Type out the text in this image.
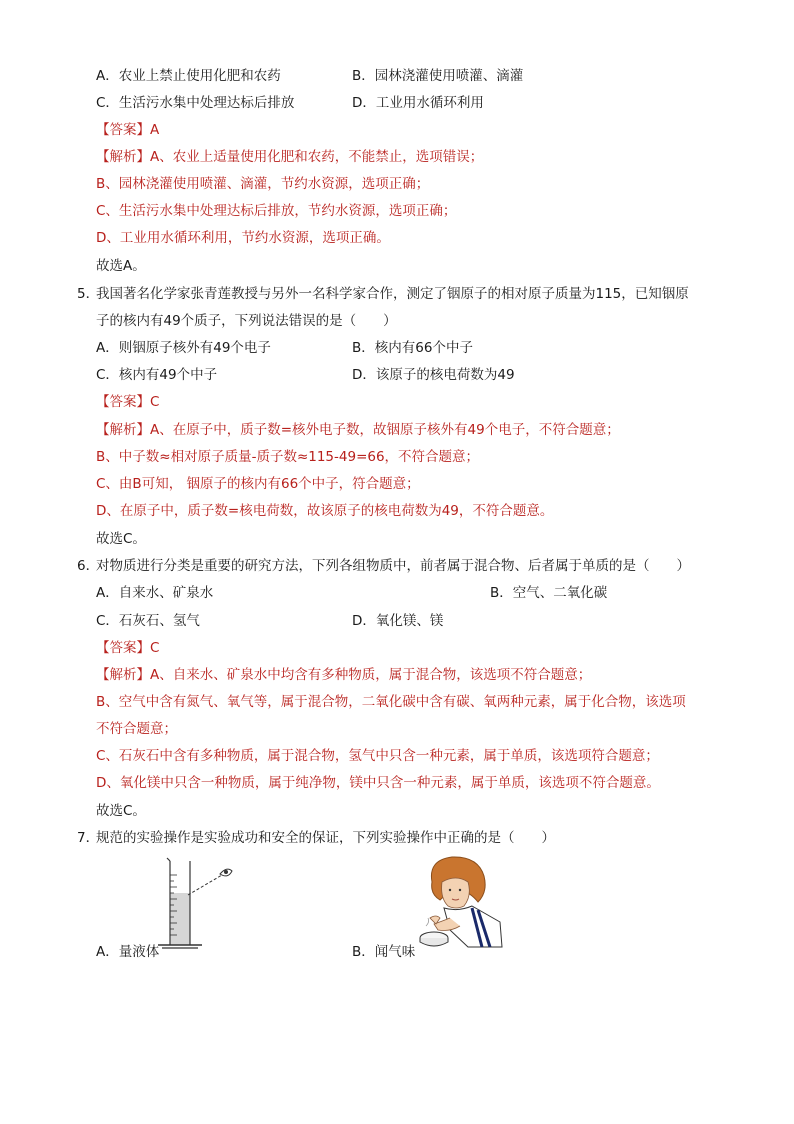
A．农业上禁止使用化肥和农药	B．园林浇灌使用喷灌、滴灌
C．生活污水集中处理达标后排放	D．工业用水循环利用
【答案】A
【解析】A、农业上适量使用化肥和农药，不能禁止，选项错误；
B、园林浇灌使用喷灌、滴灌，节约水资源，选项正确；
C、生活污水集中处理达标后排放，节约水资源，选项正确；
D、工业用水循环利用，节约水资源，选项正确。
故选A。
5．
我国著名化学家张青莲教授与另外一名科学家合作，测定了铟原子的相对原子质量为115，已知铟原
子的核内有49个质子，下列说法错误的是（　　）
A．则铟原子核外有49个电子	B．核内有66个中子
C．核内有49个中子	D．该原子的核电荷数为49
【答案】C
【解析】A、在原子中，质子数=核外电子数，故铟原子核外有49个电子，不符合题意；
B、中子数≈相对原子质量-质子数≈115-49=66，不符合题意；
C、由B可知， 铟原子的核内有66个中子，符合题意；
D、在原子中，质子数=核电荷数，故该原子的核电荷数为49，不符合题意。
故选C。
6．
对物质进行分类是重要的研究方法，下列各组物质中，前者属于混合物、后者属于单质的是（　　）
A．自来水、矿泉水	B．空气、二氧化碳
C．石灰石、氢气	D．氧化镁、镁
【答案】C
【解析】A、自来水、矿泉水中均含有多种物质，属于混合物，该选项不符合题意；
B、空气中含有氮气、氧气等，属于混合物，二氧化碳中含有碳、氧两种元素，属于化合物，该选项
不符合题意；
C、石灰石中含有多种物质，属于混合物，氢气中只含一种元素，属于单质，该选项符合题意；
D、氧化镁中只含一种物质，属于纯净物，镁中只含一种元素，属于单质，该选项不符合题意。
故选C。
7．
规范的实验操作是实验成功和安全的保证，下列实验操作中正确的是（　　）
A．量液体	B．闻气味
